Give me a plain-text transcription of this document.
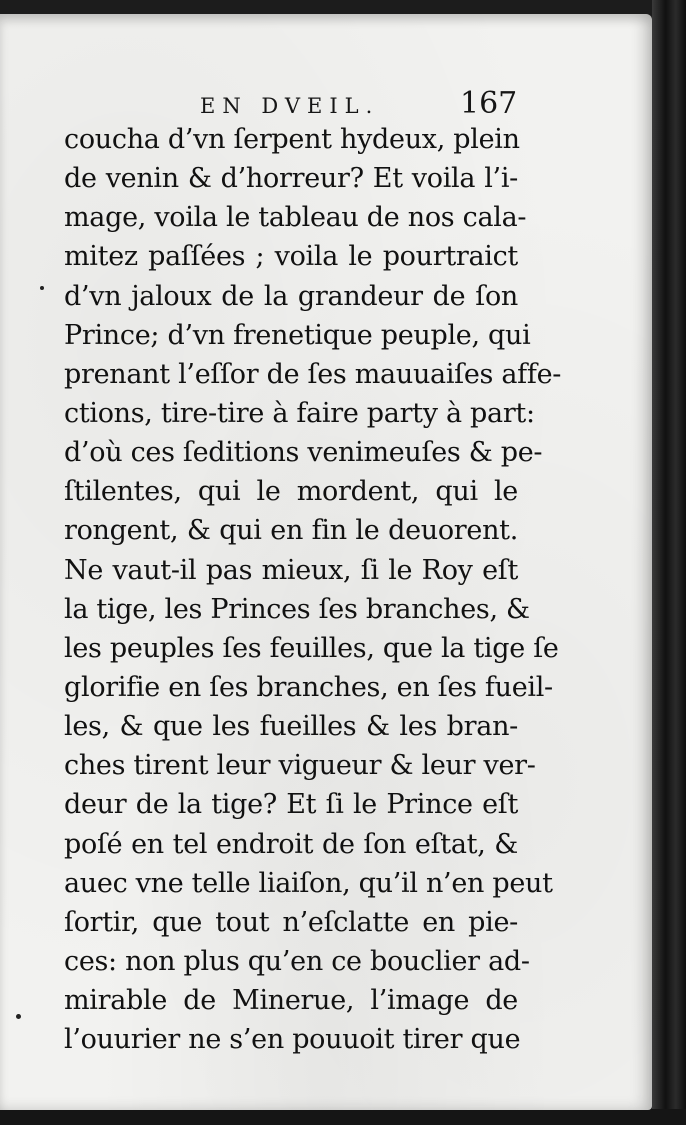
EN DVEIL.	167
coucha d’vn ſerpent hydeux, plein
de venin & d’horreur? Et voila l’i-
mage, voila le tableau de nos cala-
mitez paſſées ; voila le pourtraict
d’vn jaloux de la grandeur de ſon
Prince; d’vn frenetique peuple, qui
prenant l’eſſor de ſes mauuaiſes affe-
ctions, tire-tire à faire party à part:
d’où ces ſeditions venimeuſes & pe-
ſtilentes, qui le mordent, qui le
rongent, & qui en fin le deuorent.
Ne vaut-il pas mieux, ſi le Roy eſt
la tige, les Princes ſes branches, &
les peuples ſes feuilles, que la tige ſe
glorifie en ſes branches, en ſes fueil-
les, & que les fueilles & les bran-
ches tirent leur vigueur & leur ver-
deur de la tige? Et ſi le Prince eſt
poſé en tel endroit de ſon eſtat, &
auec vne telle liaiſon, qu’il n’en peut
ſortir, que tout n’eſclatte en pie-
ces: non plus qu’en ce bouclier ad-
mirable de Minerue, l’image de
l’ouurier ne s’en pouuoit tirer que
